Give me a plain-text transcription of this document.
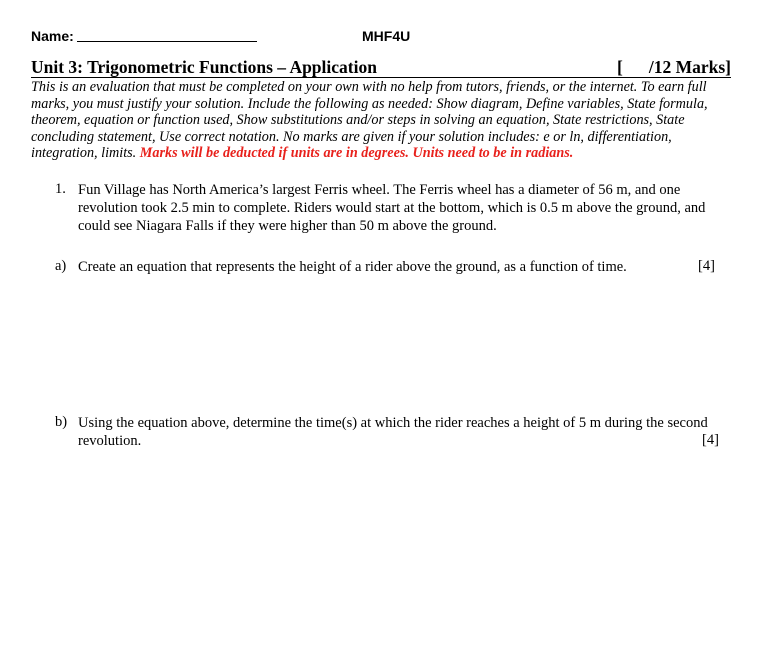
Name:	MHF4U
Unit 3: Trigonometric Functions – Application	[ /12 Marks]
This is an evaluation that must be completed on your own with no help from tutors, friends, or the internet. To earn full marks, you must justify your solution. Include the following as needed: Show diagram, Define variables, State formula, theorem, equation or function used, Show substitutions and/or steps in solving an equation, State restrictions, State concluding statement, Use correct notation. No marks are given if your solution includes: e or ln, differentiation, integration, limits. Marks will be deducted if units are in degrees. Units need to be in radians.
1. Fun Village has North America’s largest Ferris wheel. The Ferris wheel has a diameter of 56 m, and one revolution took 2.5 min to complete. Riders would start at the bottom, which is 0.5 m above the ground, and could see Niagara Falls if they were higher than 50 m above the ground.
a) Create an equation that represents the height of a rider above the ground, as a function of time.	[4]
b) Using the equation above, determine the time(s) at which the rider reaches a height of 5 m during the second revolution.	[4]
